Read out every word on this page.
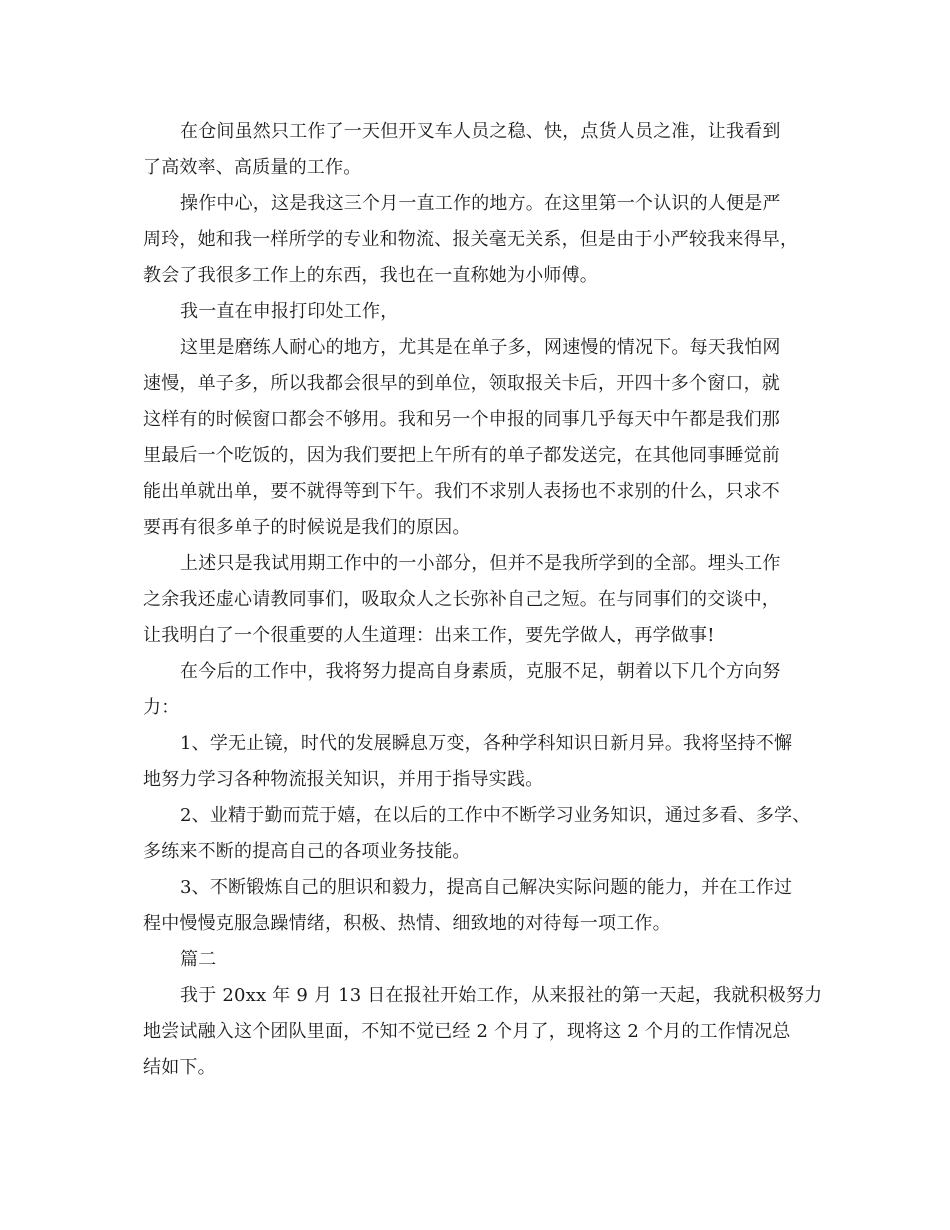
在仓间虽然只工作了一天但开叉车人员之稳、快，点货人员之准，让我看到
了高效率、高质量的工作。
操作中心，这是我这三个月一直工作的地方。在这里第一个认识的人便是严
周玲，她和我一样所学的专业和物流、报关毫无关系，但是由于小严较我来得早，
教会了我很多工作上的东西，我也在一直称她为小师傅。
我一直在申报打印处工作，
这里是磨练人耐心的地方，尤其是在单子多，网速慢的情况下。每天我怕网
速慢，单子多，所以我都会很早的到单位，领取报关卡后，开四十多个窗口，就
这样有的时候窗口都会不够用。我和另一个申报的同事几乎每天中午都是我们那
里最后一个吃饭的，因为我们要把上午所有的单子都发送完，在其他同事睡觉前
能出单就出单，要不就得等到下午。我们不求别人表扬也不求别的什么，只求不
要再有很多单子的时候说是我们的原因。
上述只是我试用期工作中的一小部分，但并不是我所学到的全部。埋头工作
之余我还虚心请教同事们，吸取众人之长弥补自己之短。在与同事们的交谈中，
让我明白了一个很重要的人生道理：出来工作，要先学做人，再学做事!
在今后的工作中，我将努力提高自身素质，克服不足，朝着以下几个方向努
力：
1、学无止镜，时代的发展瞬息万变，各种学科知识日新月异。我将坚持不懈
地努力学习各种物流报关知识，并用于指导实践。
2、业精于勤而荒于嬉，在以后的工作中不断学习业务知识，通过多看、多学、
多练来不断的提高自己的各项业务技能。
3、不断锻炼自己的胆识和毅力，提高自己解决实际问题的能力，并在工作过
程中慢慢克服急躁情绪，积极、热情、细致地的对待每一项工作。
篇二
我于 20xx 年 9 月 13 日在报社开始工作，从来报社的第一天起，我就积极努力
地尝试融入这个团队里面，不知不觉已经 2 个月了，现将这 2 个月的工作情况总
结如下。
